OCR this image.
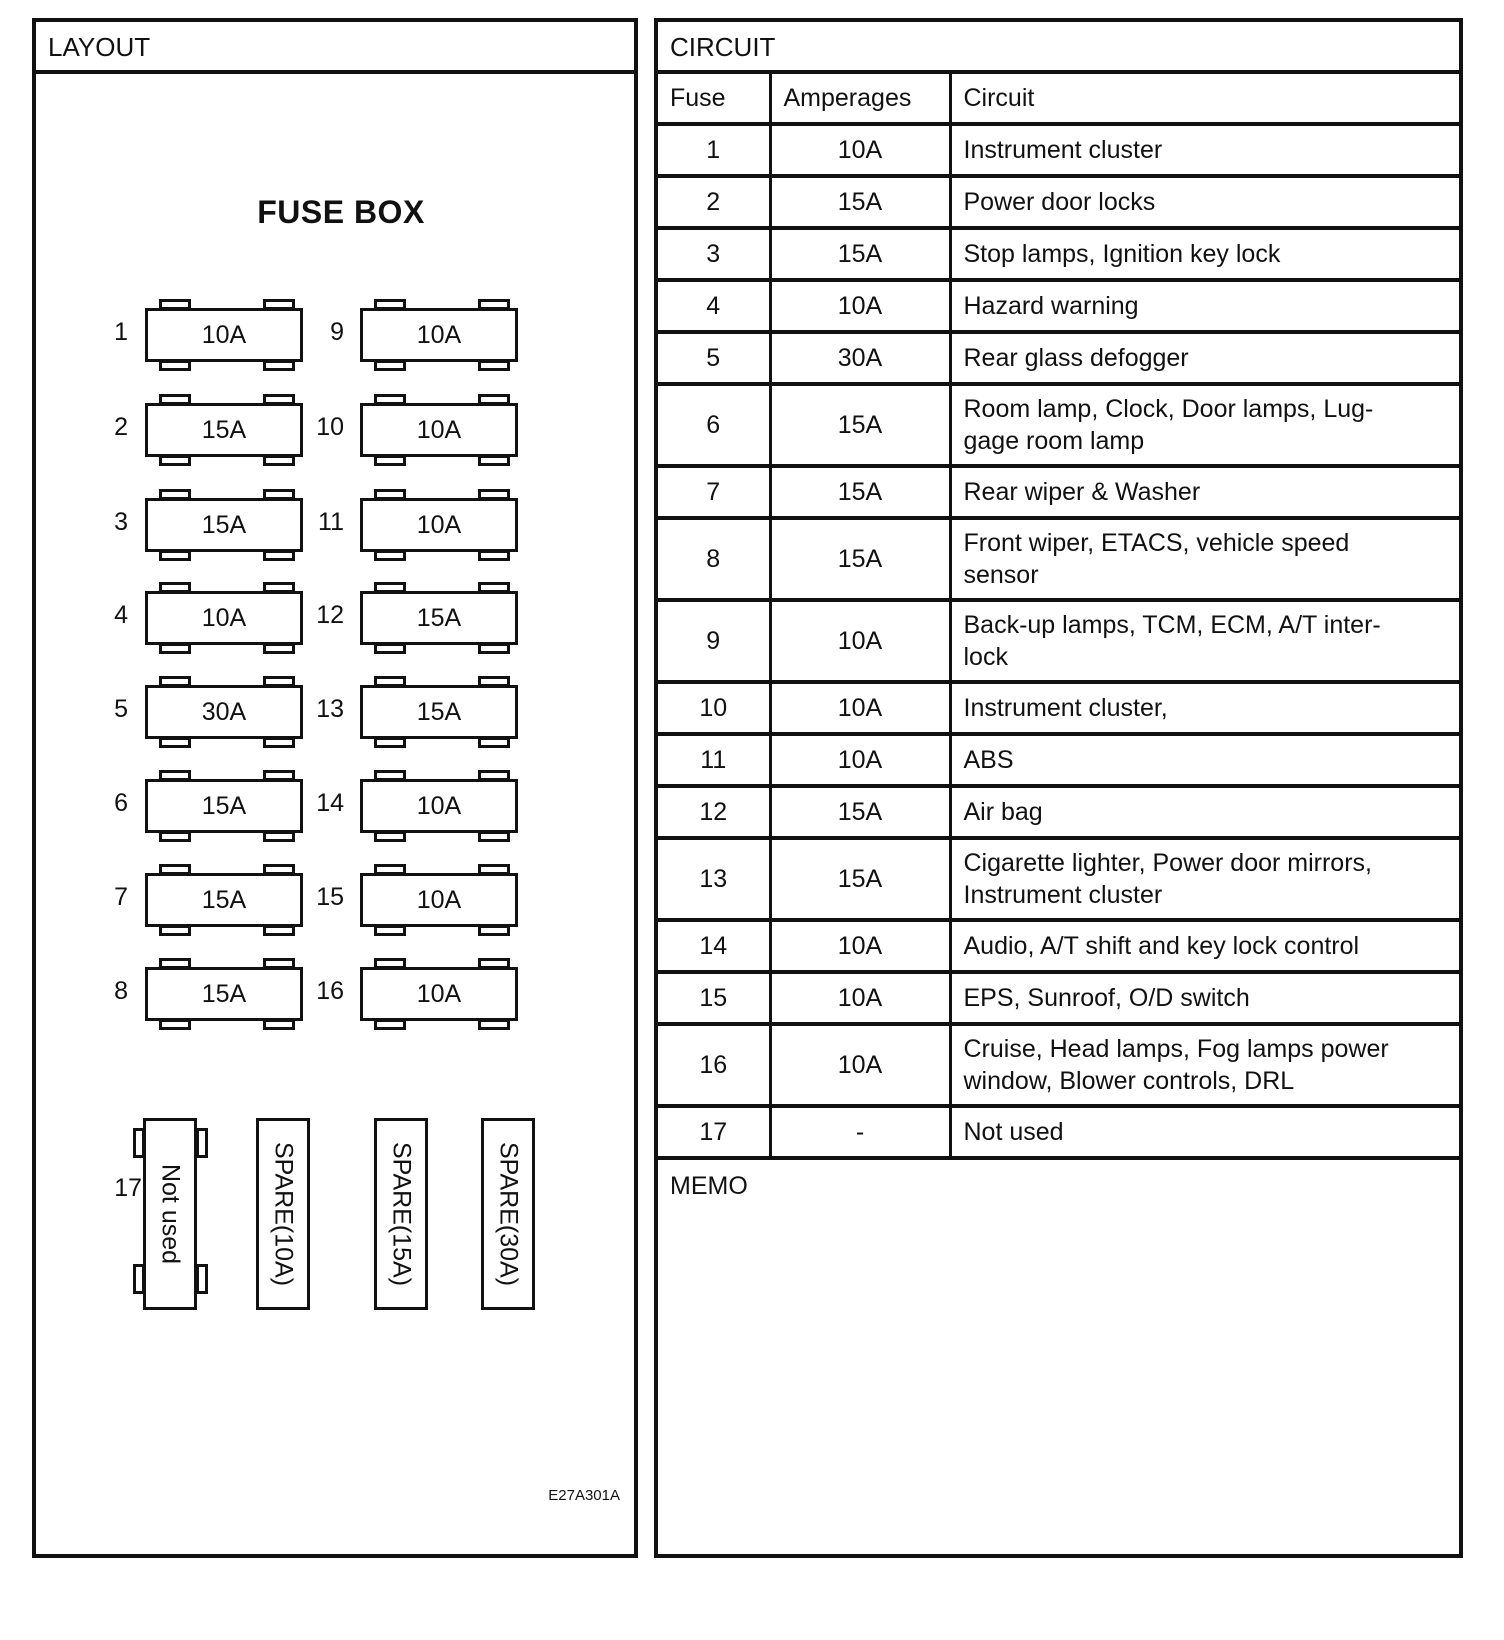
LAYOUT
FUSE BOX
1	10A
2	15A
3	15A
4	10A
5	30A
6	15A
7	15A
8	15A
9	10A
10	10A
11	10A
12	15A
13	15A
14	10A
15	10A
16	10A
17 Not used	SPARE(10A)	SPARE(15A)	SPARE(30A)
E27A301A
CIRCUIT
Fuse	Amperages	Circuit
1	10A	Instrument cluster

2	15A	Power door locks

3	15A	Stop lamps, Ignition key lock

4	10A	Hazard warning

5	30A	Rear glass defogger

6	15A	Room lamp, Clock, Door lamps, Lug-
gage room lamp

7	15A	Rear wiper & Washer

8	15A	Front wiper, ETACS, vehicle speed
sensor

9	10A	Back-up lamps, TCM, ECM, A/T inter-
lock

10	10A	Instrument cluster,

11	10A	ABS

12	15A	Air bag

13	15A	Cigarette lighter, Power door mirrors,
Instrument cluster

14	10A	Audio, A/T shift and key lock control

15	10A	EPS, Sunroof, O/D switch

16	10A	Cruise, Head lamps, Fog lamps power
window, Blower controls, DRL

17	-	Not used
MEMO
